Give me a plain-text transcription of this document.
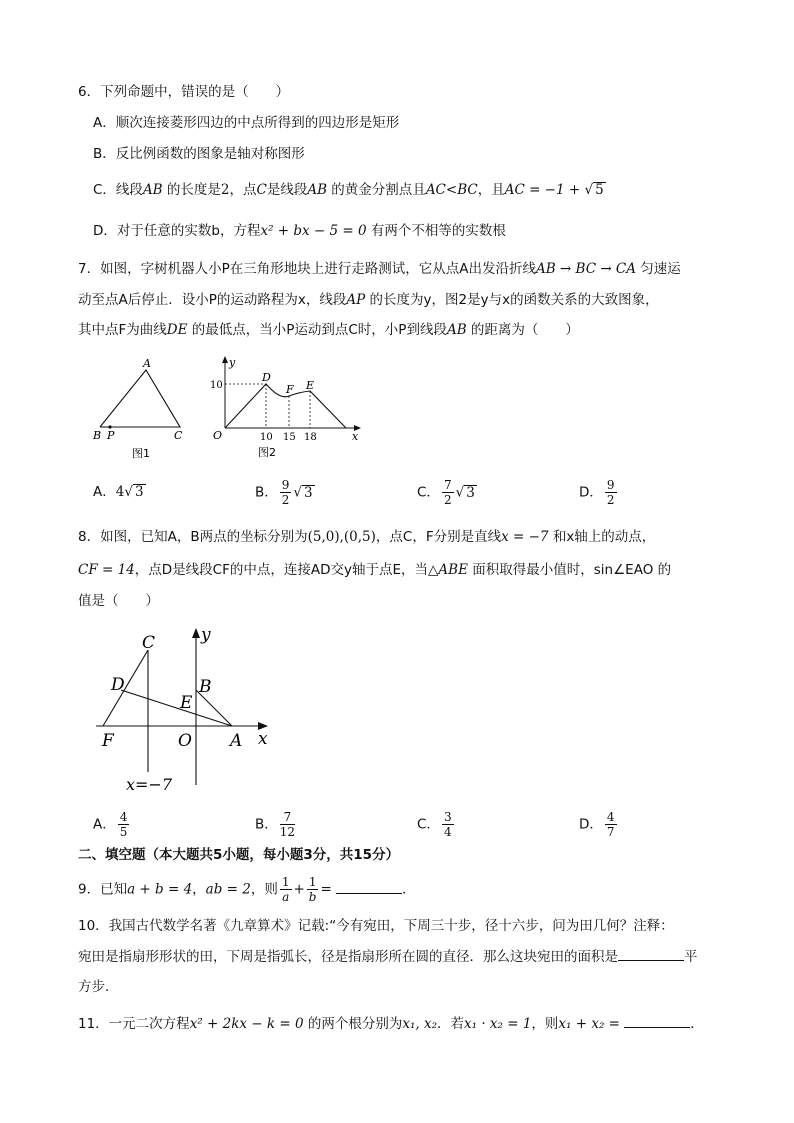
6．下列命题中，错误的是（　　）
A．顺次连接菱形四边的中点所得到的四边形是矩形
B．反比例函数的图象是轴对称图形
C．线段AB 的长度是2，点C是线段AB 的黄金分割点且AC<BC，且AC = −1 + √ 5
D．对于任意的实数b，方程x² + bx − 5 = 0 有两个不相等的实数根
7．如图，字树机器人小P在三角形地块上进行走路测试，它从点A出发沿折线AB → BC → CA 匀速运
动至点A后停止．设小P的运动路程为x，线段AP 的长度为y，图2是y与x的函数关系的大致图象，
其中点F为曲线DE 的最低点，当小P运动到点C时，小P到线段AB 的距离为（　　）
A
B P	C
图1
y
10
D
F E
O	10 15 18	x
图2
A．4√ 3	B． $\frac{9}{2}$ √ 3	C． $\frac{7}{2}$ √ 3	D． $\frac{9}{2}$
8．如图，已知A，B两点的坐标分别为(5,0),(0,5)，点C，F分别是直线x = −7 和x轴上的动点，
CF = 14，点D是线段CF的中点，连接AD交y轴于点E，当△ABE 面积取得最小值时，sin∠EAO 的
值是（　　）
C	y
D	B
E
F	O A x
x=−7
A． $\frac{4}{5}$	B． $\frac{7}{12}$	C． $\frac{3}{4}$	D． $\frac{4}{7}$
二、填空题（本大题共5小题，每小题3分，共15分）
9．已知a + b = 4，ab = 2，则 $\frac{1}{a} + \frac{1}{b}$ =	．
10．我国古代数学名著《九章算术》记载:“今有宛田，下周三十步，径十六步，问为田几何？注释：
宛田是指扇形形状的田，下周是指弧长，径是指扇形所在圆的直径．那么这块宛田的面积是	平
方步．
11．一元二次方程x² + 2kx − k = 0 的两个根分别为x₁, x₂．若x₁ · x₂ = 1，则x₁ + x₂ =	．
